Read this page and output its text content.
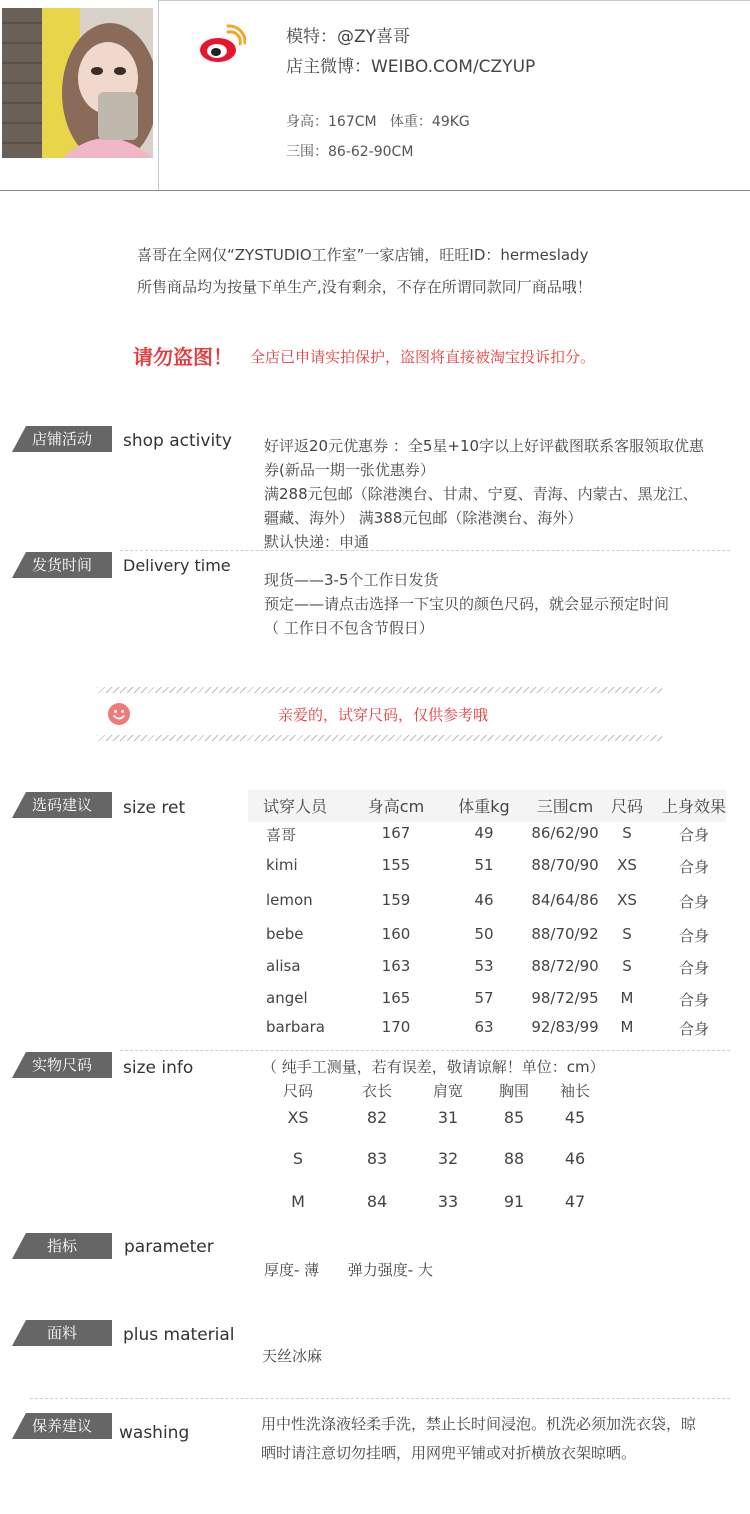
模特：@ZY喜哥
店主微博：WEIBO.COM/CZYUP
身高：167CM   体重：49KG
三围：86-62-90CM
喜哥在全网仅“ZYSTUDIO工作室”一家店铺，旺旺ID：hermeslady
所售商品均为按量下单生产,没有剩余，不存在所谓同款同厂商品哦！
请勿盗图！ 全店已申请实拍保护，盗图将直接被淘宝投诉扣分。
店铺活动	shop activity 好评返20元优惠券 ：全5星+10字以上好评截图联系客服领取优惠
券(新品一期一张优惠券）
满288元包邮（除港澳台、甘肃、宁夏、青海、内蒙古、黑龙江、
疆藏、海外） 满388元包邮（除港澳台、海外）
默认快递：申通
发货时间	Delivery time
现货——3-5个工作日发货
预定——请点击选择一下宝贝的颜色尺码，就会显示预定时间
（ 工作日不包含节假日）
亲爱的，试穿尺码，仅供参考哦
选码建议	size ret	试穿人员	身高cm	体重kg	三围cm	尺码	上身效果
喜哥	167	49	86/62/90	S	合身
kimi	155	51	88/70/90	XS	合身
lemon	159	46	84/64/86	XS	合身
bebe	160	50	88/70/92	S	合身
alisa	163	53	88/72/90	S	合身
angel	165	57	98/72/95	M	合身
barbara	170	63	92/83/99	M	合身
实物尺码	size info	（ 纯手工测量，若有误差，敬请谅解！单位：cm）
尺码	衣长	肩宽	胸围	袖长
XS	82	31	85	45
S	83	32	88	46
M	84	33	91	47
指标	parameter
厚度- 薄      弹力强度- 大
面料	plus material
天丝冰麻
保养建议	washing	用中性洗涤液轻柔手洗，禁止长时间浸泡。机洗必须加洗衣袋，晾
晒时请注意切勿挂晒，用网兜平铺或对折横放衣架晾晒。
